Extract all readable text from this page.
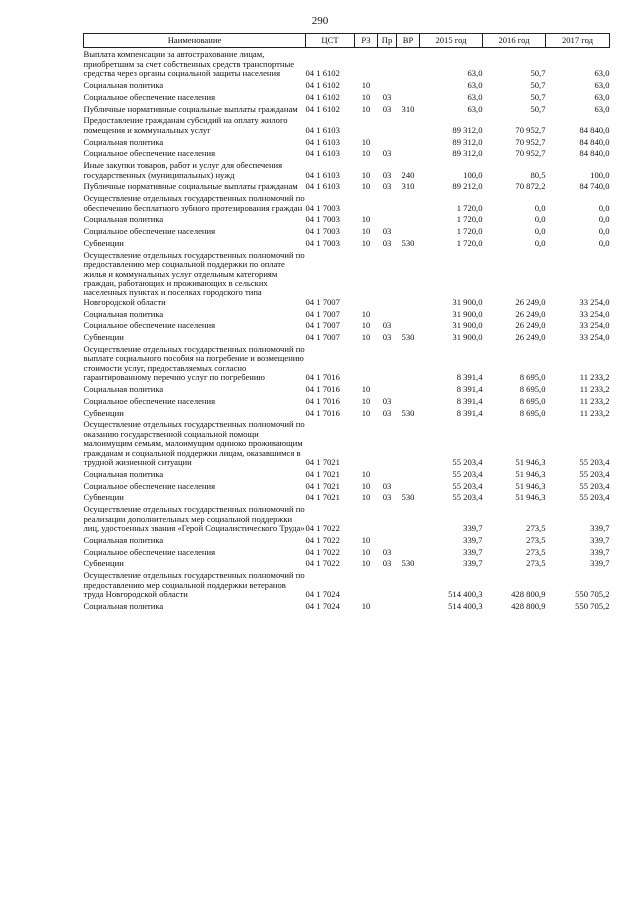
290
Наименование	ЦСТ	РЗ	Пр	ВР	2015 год	2016 год	2017 год
Выплата компенсации за автострахование лицам, приобретшим за счет собственных средств транспортные средства через органы социальной защиты населения	04 1 6102				63,0	50,7	63,0
Социальная политика	04 1 6102	10			63,0	50,7	63,0
Социальное обеспечение населения	04 1 6102	10	03		63,0	50,7	63,0
Публичные нормативные социальные выплаты гражданам	04 1 6102	10	03	310	63,0	50,7	63,0
Предоставление гражданам субсидий на оплату жилого помещения и коммунальных услуг	04 1 6103				89 312,0	70 952,7	84 840,0
Социальная политика	04 1 6103	10			89 312,0	70 952,7	84 840,0
Социальное обеспечение населения	04 1 6103	10	03		89 312,0	70 952,7	84 840,0
Иные закупки товаров, работ и услуг для обеспечения государственных (муниципальных) нужд	04 1 6103	10	03	240	100,0	80,5	100,0
Публичные нормативные социальные выплаты гражданам	04 1 6103	10	03	310	89 212,0	70 872,2	84 740,0
Осуществление отдельных государственных полномочий по обеспечению бесплатного зубного протезирования граждан	04 1 7003				1 720,0	0,0	0,0
Социальная политика	04 1 7003	10			1 720,0	0,0	0,0
Социальное обеспечение населения	04 1 7003	10	03		1 720,0	0,0	0,0
Субвенции	04 1 7003	10	03	530	1 720,0	0,0	0,0
Осуществление отдельных государственных полномочий по предоставлению мер социальной поддержки по оплате жилья и коммунальных услуг отдельным категориям граждан, работающих и проживающих в сельских населенных пунктах и поселках городского типа Новгородской области	04 1 7007				31 900,0	26 249,0	33 254,0
Социальная политика	04 1 7007	10			31 900,0	26 249,0	33 254,0
Социальное обеспечение населения	04 1 7007	10	03		31 900,0	26 249,0	33 254,0
Субвенции	04 1 7007	10	03	530	31 900,0	26 249,0	33 254,0
Осуществление отдельных государственных полномочий по выплате социального пособия на погребение и возмещению стоимости услуг, предоставляемых согласно гарантированному перечню услуг по погребению	04 1 7016				8 391,4	8 695,0	11 233,2
Социальная политика	04 1 7016	10			8 391,4	8 695,0	11 233,2
Социальное обеспечение населения	04 1 7016	10	03		8 391,4	8 695,0	11 233,2
Субвенции	04 1 7016	10	03	530	8 391,4	8 695,0	11 233,2
Осуществление отдельных государственных полномочий по оказанию государственной социальной помощи малоимущим семьям, малоимущим одиноко проживающим гражданам и социальной поддержки лицам, оказавшимся в трудной жизненной ситуации	04 1 7021				55 203,4	51 946,3	55 203,4
Социальная политика	04 1 7021	10			55 203,4	51 946,3	55 203,4
Социальное обеспечение населения	04 1 7021	10	03		55 203,4	51 946,3	55 203,4
Субвенции	04 1 7021	10	03	530	55 203,4	51 946,3	55 203,4
Осуществление отдельных государственных полномочий по реализации дополнительных мер социальной поддержки лиц, удостоенных звания «Герой Социалистического Труда»	04 1 7022				339,7	273,5	339,7
Социальная политика	04 1 7022	10			339,7	273,5	339,7
Социальное обеспечение населения	04 1 7022	10	03		339,7	273,5	339,7
Субвенции	04 1 7022	10	03	530	339,7	273,5	339,7
Осуществление отдельных государственных полномочий по предоставлению мер социальной поддержки ветеранов труда Новгородской области	04 1 7024				514 400,3	428 800,9	550 705,2
Социальная политика	04 1 7024	10			514 400,3	428 800,9	550 705,2
